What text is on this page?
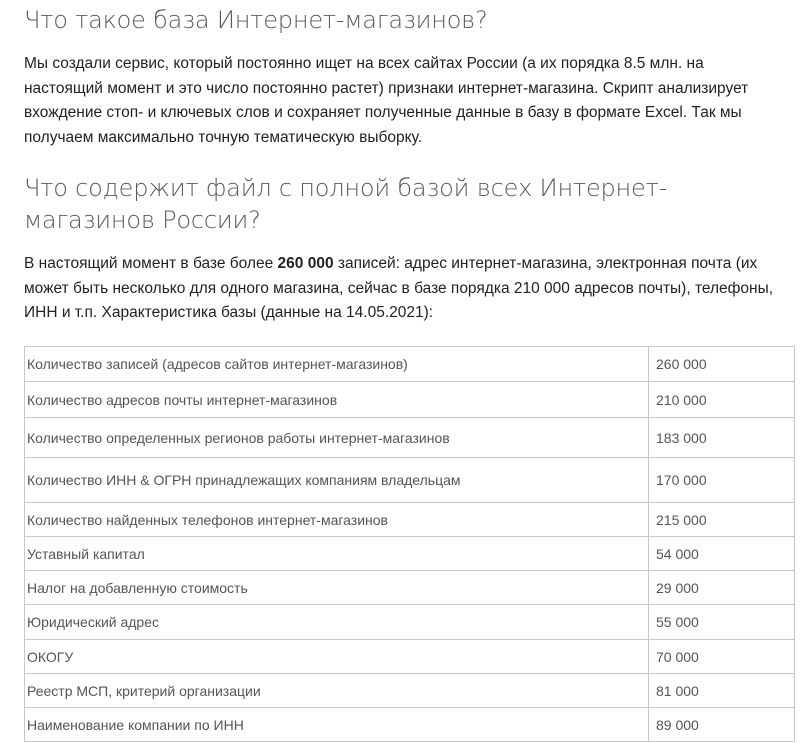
Что такое база Интернет-магазинов?

Мы создали сервис, который постоянно ищет на всех сайтах России (а их порядка 8.5 млн. на настоящий момент и это число постоянно растет) признаки интернет-магазина. Скрипт анализирует вхождение стоп- и ключевых слов и сохраняет полученные данные в базу в формате Excel. Так мы получаем максимально точную тематическую выборку.

Что содержит файл с полной базой всех Интернет- магазинов России?

В настоящий момент в базе более 260 000 записей: адрес интернет-магазина, электронная почта (их может быть несколько для одного магазина, сейчас в базе порядка 210 000 адресов почты), телефоны, ИНН и т.п. Характеристика базы (данные на 14.05.2021):

Количество записей (адресов сайтов интернет-магазинов)	260 000
Количество адресов почты интернет-магазинов	210 000
Количество определенных регионов работы интернет-магазинов	183 000
Количество ИНН & ОГРН принадлежащих компаниям владельцам	170 000
Количество найденных телефонов интернет-магазинов	215 000
Уставный капитал	54 000
Налог на добавленную стоимость	29 000
Юридический адрес	55 000
ОКОГУ	70 000
Реестр МСП, критерий организации	81 000
Наименование компании по ИНН	89 000
